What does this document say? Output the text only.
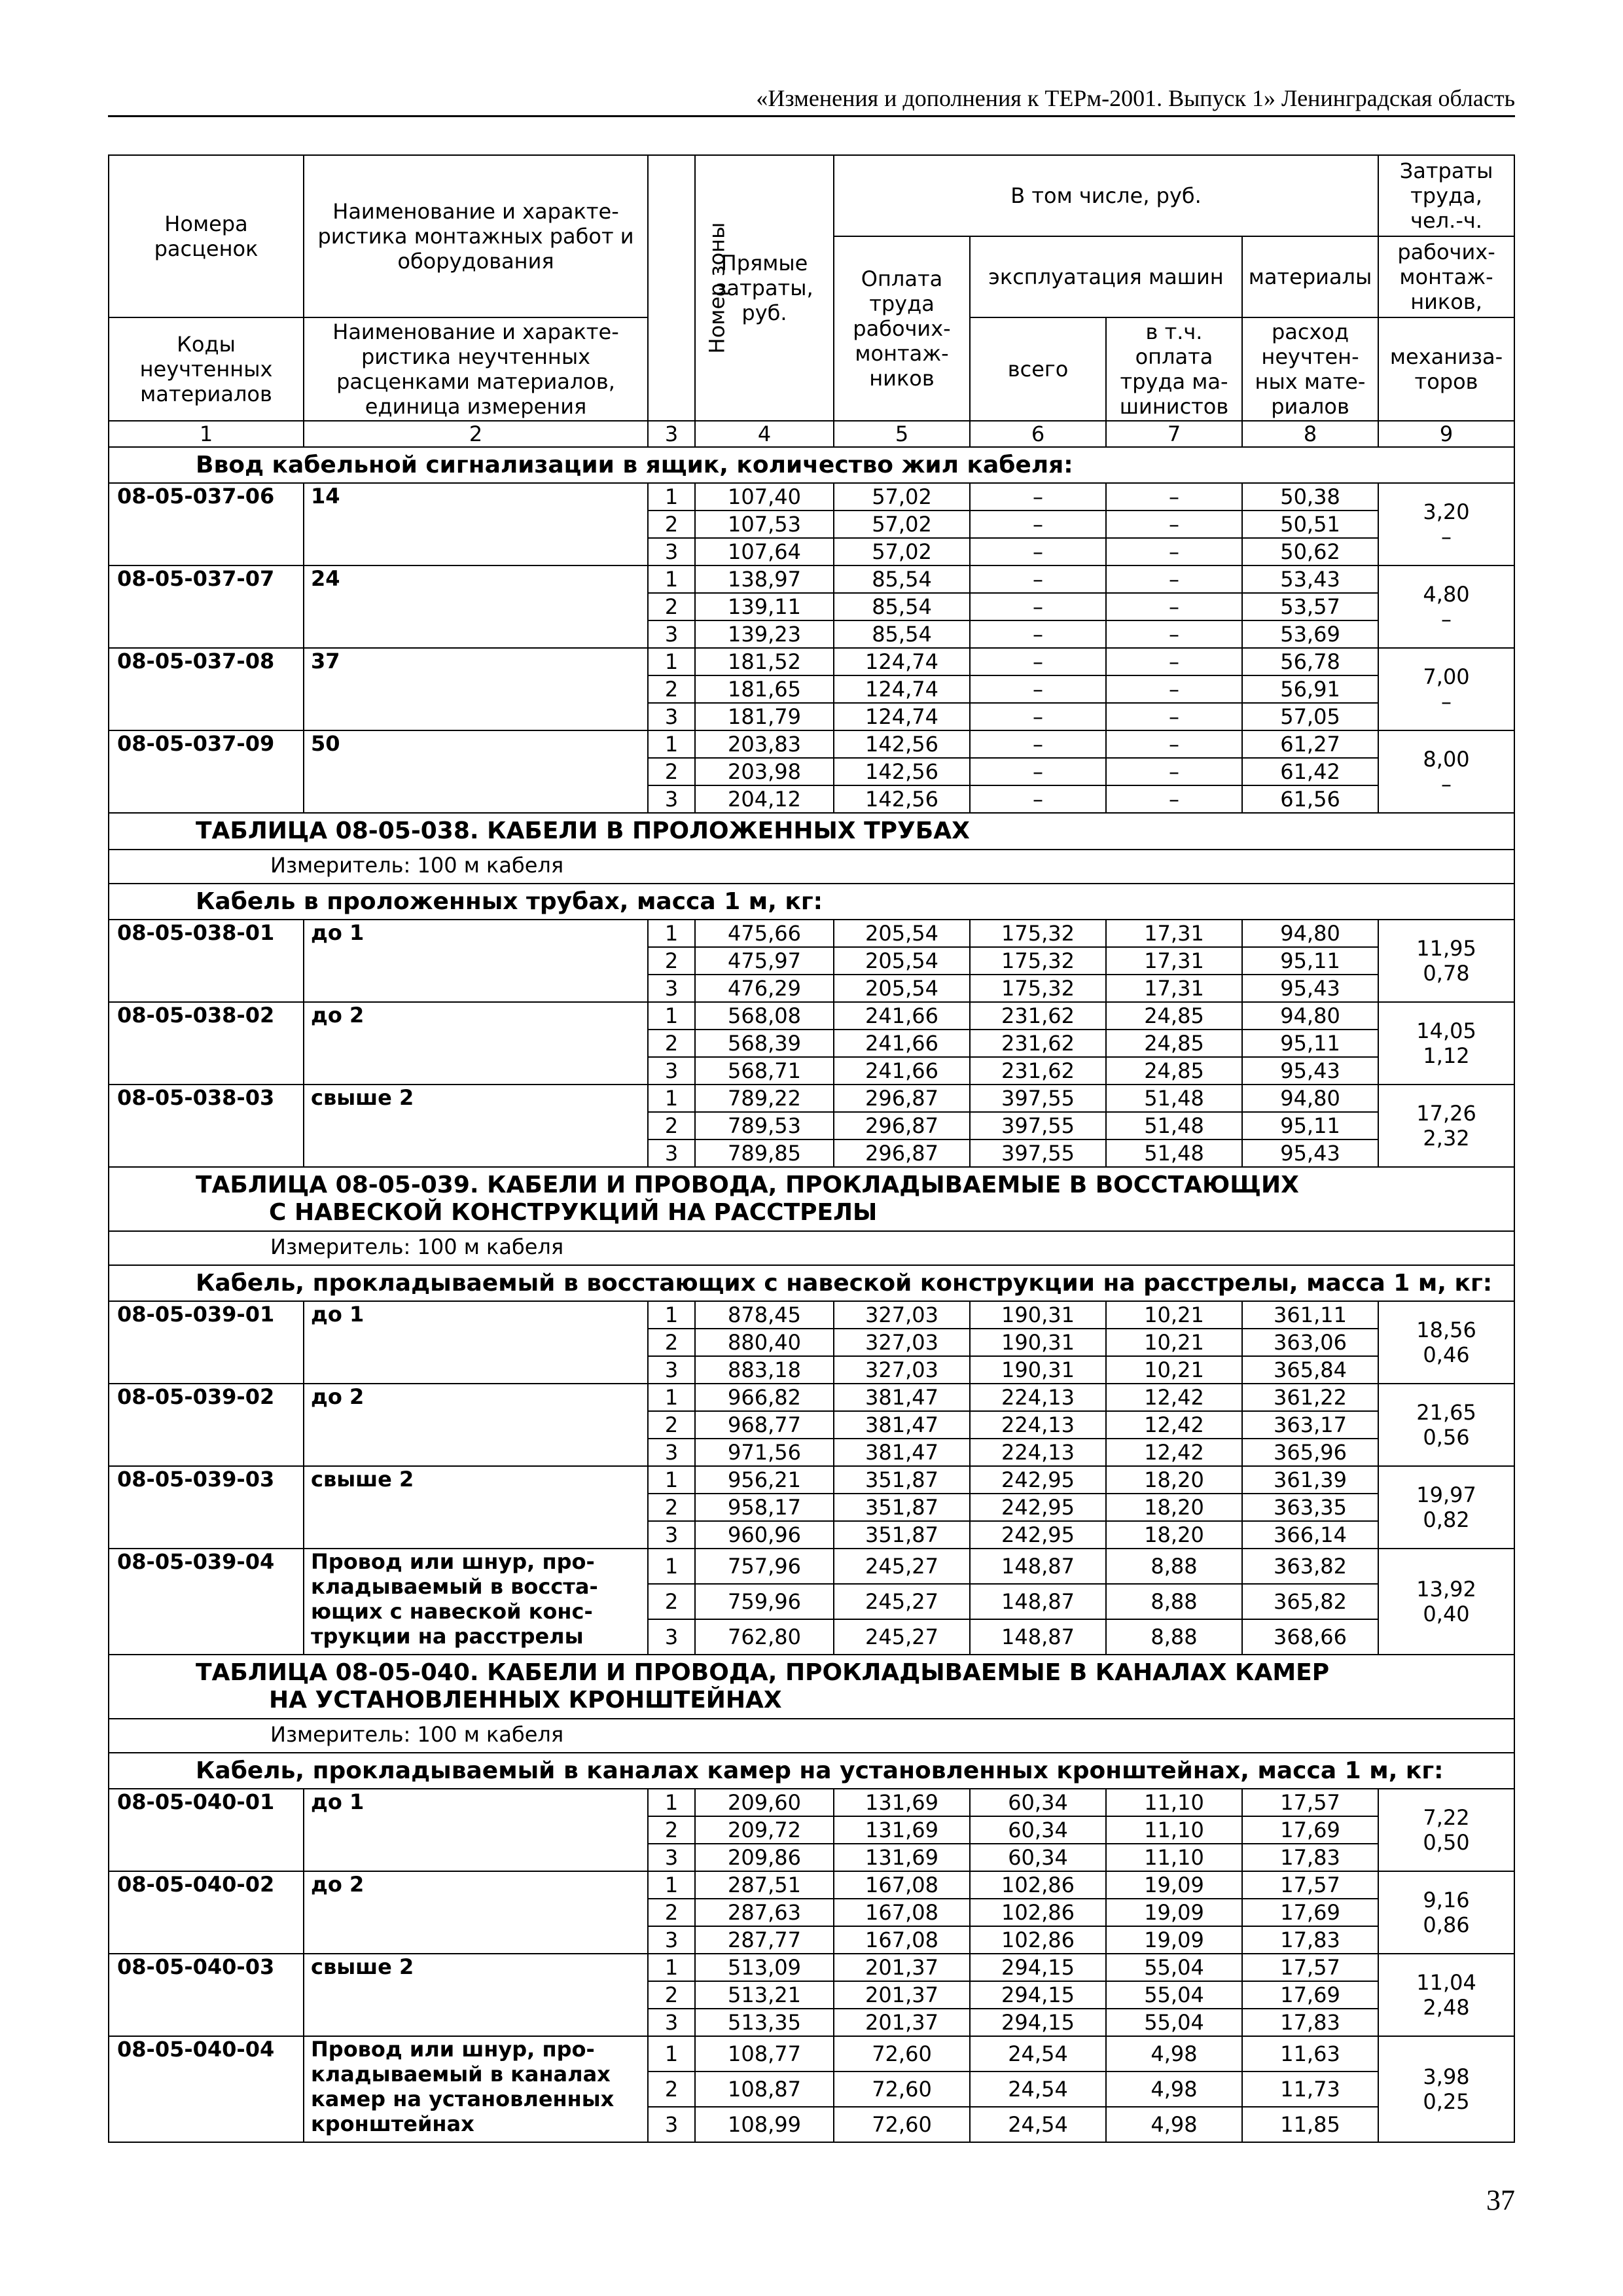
«Изменения и дополнения к ТЕРм-2001. Выпуск 1» Ленинградская область
Номера расценок	Наименование и характеристика монтажных работ и оборудования	Номер зоны	Прямые затраты, руб.	В том числе, руб.				Затраты труда, чел.-ч.
				Оплата труда рабочих-монтажников	эксплуатация машин		материалы	рабочих-монтажников,
Коды неучтенных материалов	Наименование и характеристика неучтенных расценками материалов, единица измерения				всего	в т.ч. оплата труда машинистов	расход неучтенных материалов	механизаторов
1	2	3	4	5	6	7	8	9
Ввод кабельной сигнализации в ящик, количество жил кабеля:								
08-05-037-06	14	1	107,40	57,02	–	–	50,38	3,20
–

		2	107,53	57,02	–	–	50,51	
		3	107,64	57,02	–	–	50,62	
08-05-037-07	24	1	138,97	85,54	–	–	53,43	4,80
–

		2	139,11	85,54	–	–	53,57	
		3	139,23	85,54	–	–	53,69	
08-05-037-08	37	1	181,52	124,74	–	–	56,78	7,00
–

		2	181,65	124,74	–	–	56,91	
		3	181,79	124,74	–	–	57,05	
08-05-037-09	50	1	203,83	142,56	–	–	61,27	8,00
–

		2	203,98	142,56	–	–	61,42	
		3	204,12	142,56	–	–	61,56	
ТАБЛИЦА 08-05-038. КАБЕЛИ В ПРОЛОЖЕННЫХ ТРУБАХ								
Измеритель: 100 м кабеля								
Кабель в проложенных трубах, масса 1 м, кг:								
08-05-038-01	до 1	1	475,66	205,54	175,32	17,31	94,80	11,95
0,78

		2	475,97	205,54	175,32	17,31	95,11	
		3	476,29	205,54	175,32	17,31	95,43	
08-05-038-02	до 2	1	568,08	241,66	231,62	24,85	94,80	14,05
1,12

		2	568,39	241,66	231,62	24,85	95,11	
		3	568,71	241,66	231,62	24,85	95,43	
08-05-038-03	свыше 2	1	789,22	296,87	397,55	51,48	94,80	17,26
2,32

		2	789,53	296,87	397,55	51,48	95,11	
		3	789,85	296,87	397,55	51,48	95,43	
ТАБЛИЦА 08-05-039. КАБЕЛИ И ПРОВОДА, ПРОКЛАДЫВАЕМЫЕ В ВОССТАЮЩИХ
С НАВЕСКОЙ КОНСТРУКЦИЙ НА РАССТРЕЛЫ								

Измеритель: 100 м кабеля								
Кабель, прокладываемый в восстающих с навеской конструкции на расстрелы, масса 1 м, кг:								
08-05-039-01	до 1	1	878,45	327,03	190,31	10,21	361,11	18,56
0,46

		2	880,40	327,03	190,31	10,21	363,06	
		3	883,18	327,03	190,31	10,21	365,84	
08-05-039-02	до 2	1	966,82	381,47	224,13	12,42	361,22	21,65
0,56

		2	968,77	381,47	224,13	12,42	363,17	
		3	971,56	381,47	224,13	12,42	365,96	
08-05-039-03	свыше 2	1	956,21	351,87	242,95	18,20	361,39	19,97
0,82

		2	958,17	351,87	242,95	18,20	363,35	
		3	960,96	351,87	242,95	18,20	366,14	
08-05-039-04	Провод или шнур, прокладываемый в восстающих с навеской конструкции на расстрелы	1	757,96	245,27	148,87	8,88	363,82	13,92
0,40

		2	759,96	245,27	148,87	8,88	365,82	
		3	762,80	245,27	148,87	8,88	368,66	
ТАБЛИЦА 08-05-040. КАБЕЛИ И ПРОВОДА, ПРОКЛАДЫВАЕМЫЕ В КАНАЛАХ КАМЕР
НА УСТАНОВЛЕННЫХ КРОНШТЕЙНАХ								

Измеритель: 100 м кабеля								
Кабель, прокладываемый в каналах камер на установленных кронштейнах, масса 1 м, кг:								
08-05-040-01	до 1	1	209,60	131,69	60,34	11,10	17,57	7,22
0,50

		2	209,72	131,69	60,34	11,10	17,69	
		3	209,86	131,69	60,34	11,10	17,83	
08-05-040-02	до 2	1	287,51	167,08	102,86	19,09	17,57	9,16
0,86

		2	287,63	167,08	102,86	19,09	17,69	
		3	287,77	167,08	102,86	19,09	17,83	
08-05-040-03	свыше 2	1	513,09	201,37	294,15	55,04	17,57	11,04
2,48

		2	513,21	201,37	294,15	55,04	17,69	
		3	513,35	201,37	294,15	55,04	17,83	
08-05-040-04	Провод или шнур, прокладываемый в каналах камер на установленных кронштейнах	1	108,77	72,60	24,54	4,98	11,63	3,98
0,25

		2	108,87	72,60	24,54	4,98	11,73	
		3	108,99	72,60	24,54	4,98	11,85	
37
